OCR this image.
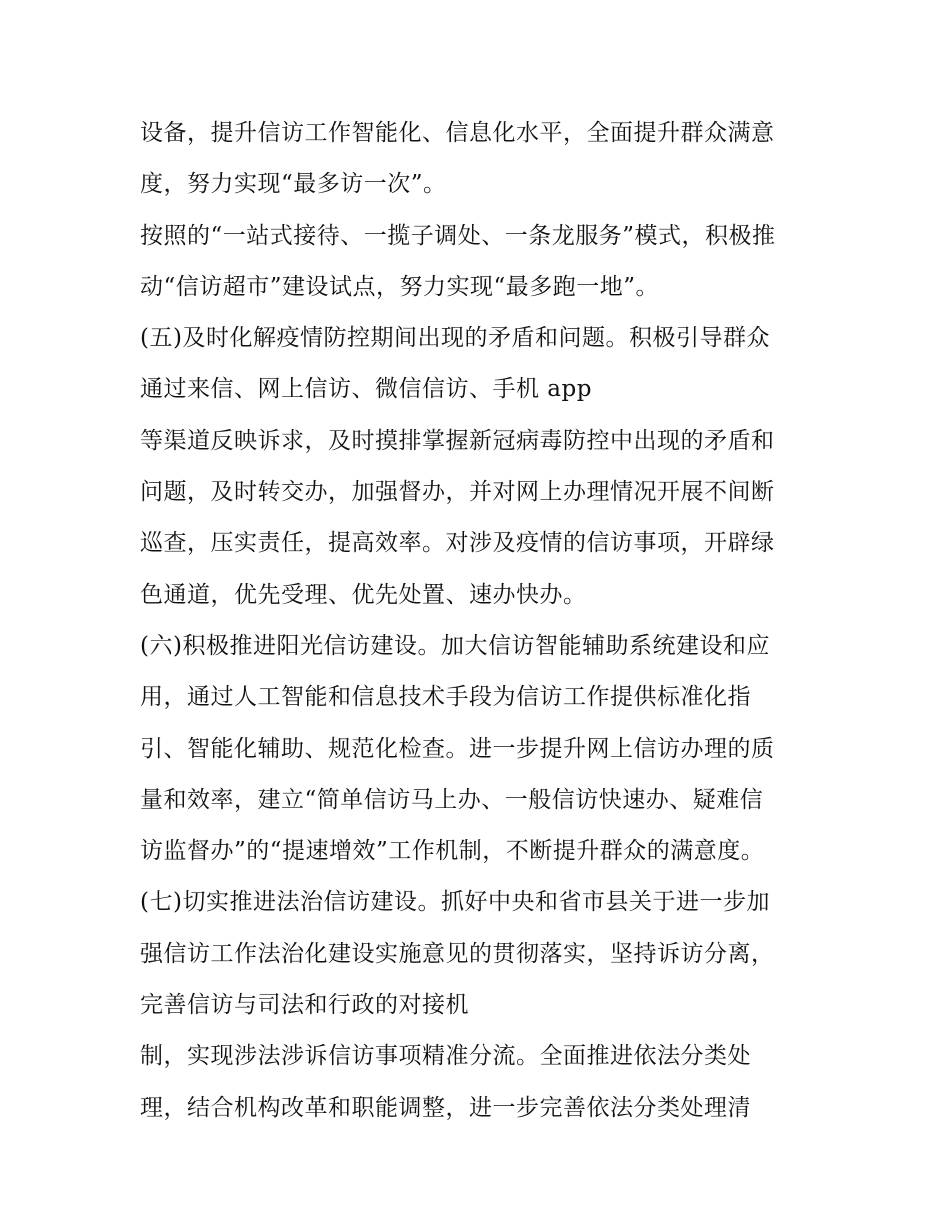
设备，提升信访工作智能化、信息化水平，全面提升群众满意
度，努力实现“最多访一次”。
按照的“一站式接待、一揽子调处、一条龙服务”模式，积极推
动“信访超市”建设试点，努力实现“最多跑一地”。
(五)及时化解疫情防控期间出现的矛盾和问题。积极引导群众
通过来信、网上信访、微信信访、手机 app
等渠道反映诉求，及时摸排掌握新冠病毒防控中出现的矛盾和
问题，及时转交办，加强督办，并对网上办理情况开展不间断
巡查，压实责任，提高效率。对涉及疫情的信访事项，开辟绿
色通道，优先受理、优先处置、速办快办。
(六)积极推进阳光信访建设。加大信访智能辅助系统建设和应
用，通过人工智能和信息技术手段为信访工作提供标准化指
引、智能化辅助、规范化检查。进一步提升网上信访办理的质
量和效率，建立“简单信访马上办、一般信访快速办、疑难信
访监督办”的“提速增效”工作机制，不断提升群众的满意度。
(七)切实推进法治信访建设。抓好中央和省市县关于进一步加
强信访工作法治化建设实施意见的贯彻落实，坚持诉访分离，
完善信访与司法和行政的对接机
制，实现涉法涉诉信访事项精准分流。全面推进依法分类处
理，结合机构改革和职能调整，进一步完善依法分类处理清
